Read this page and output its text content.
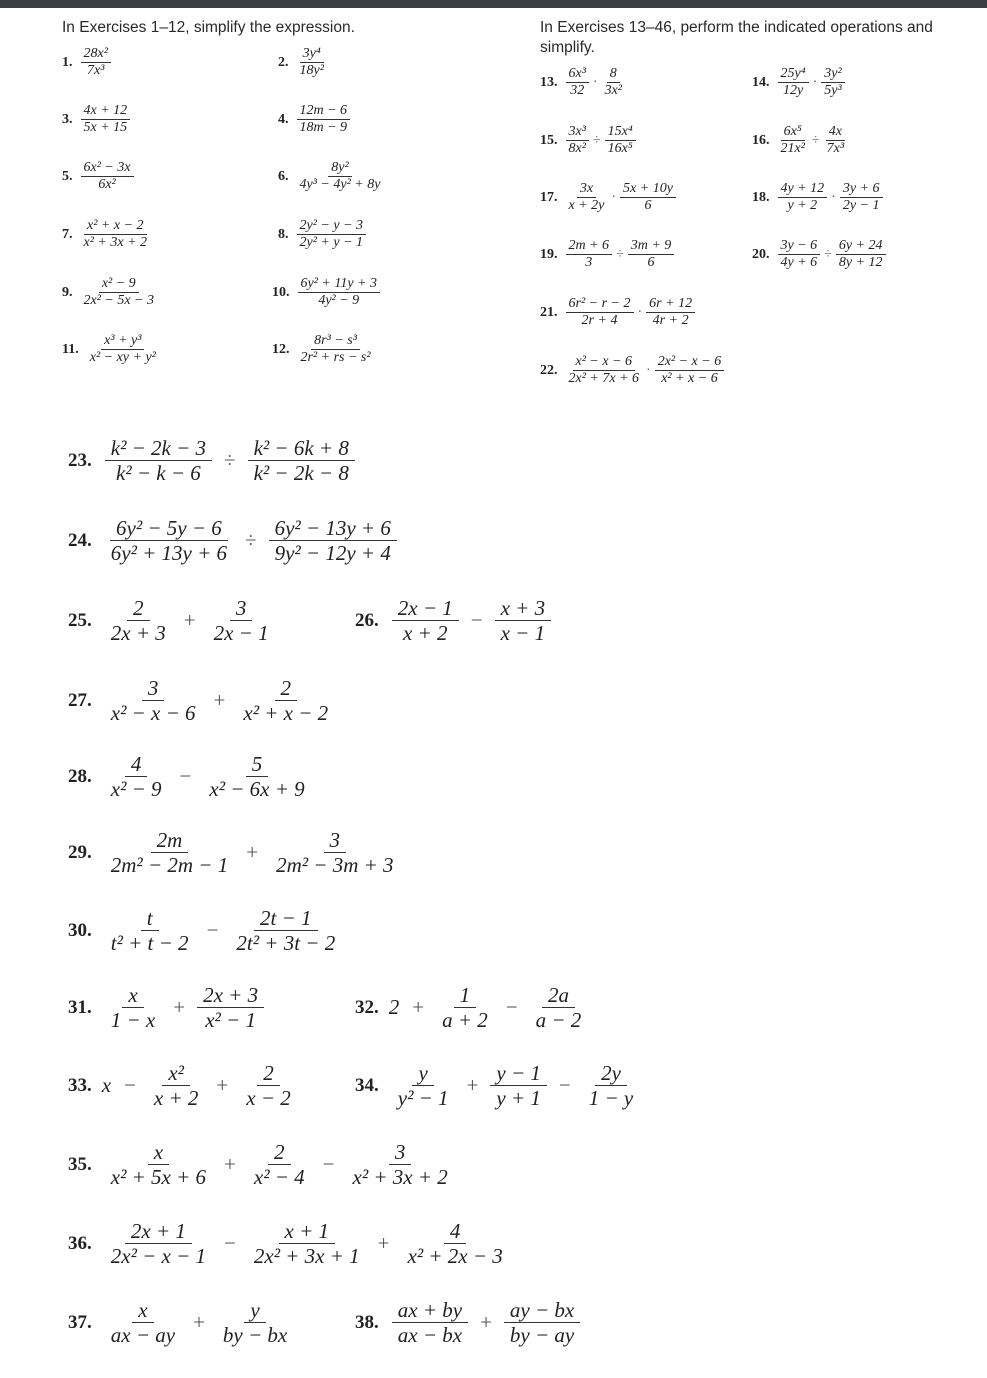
In Exercises 1–12, simplify the expression.	In Exercises 13–46, perform the indicated operations and
simplify.
1. $\frac{\text{28x²}}{\text{7x³}}$	2. $\frac{\text{3y⁴}}{\text{18y²}}$
3. $\frac{4x + 12}{5x + 15}$	4. $\frac{12m - 6}{18m - 9}$
5. $\frac{\text{6x² − 3x}}{\text{6x²}}$	6. $\frac{\text{8y²}}{\text{4y³ − 4y² + 8y}}$
7. $\frac{\text{x² + x − 2}}{\text{x² + 3x + 2}}$	8. $\frac{\text{2y² − y − 3}}{\text{2y² + y − 1}}$
9. $\frac{\text{x² − 9}}{\text{2x² − 5x − 3}}$	10. $\frac{\text{6y² + 11y + 3}}{\text{4y² − 9}}$
11. $\frac{\text{x³ + y³}}{\text{x² − xy + y²}}$	12. $\frac{\text{8r³ − s³}}{\text{2r² + rs − s²}}$
13. $\frac{\text{6x³}}{32} \cdot \frac{8}{\text{3x²}}$	14. $\frac{\text{25y⁴}}{12y} \cdot \frac{\text{3y²}}{\text{5y³}}$
15. $\frac{\text{3x³}}{\text{8x²}} \div \frac{\text{15x⁴}}{\text{16x⁵}}$	16. $\frac{\text{6x⁵}}{\text{21x²}} \div \frac{4x}{\text{7x³}}$
17. $\frac{3x}{x + 2y} \cdot \frac{5x + 10y}{6}$	18. $\frac{4y + 12}{y + 2} \cdot \frac{3y + 6}{2y - 1}$
19. $\frac{2m + 6}{3} \div \frac{3m + 9}{6}$	20. $\frac{3y - 6}{4y + 6} \div \frac{6y + 24}{8y + 12}$
21. $\frac{\text{6r² − r − 2}}{2r + 4} \cdot \frac{6r + 12}{4r + 2}$
22. $\frac{\text{x² − x − 6}}{\text{2x² + 7x + 6}} \cdot \frac{\text{2x² − x − 6}}{\text{x² + x − 6}}$
23. $\frac{\text{k² − 2k − 3}}{\text{k² − k − 6}} \div \frac{\text{k² − 6k + 8}}{\text{k² − 2k − 8}}$
24. $\frac{\text{6y² − 5y − 6}}{\text{6y² + 13y + 6}} \div \frac{\text{6y² − 13y + 6}}{\text{9y² − 12y + 4}}$
25. $\frac{2}{2x + 3} + \frac{3}{2x - 1}$	26. $\frac{2x - 1}{x + 2} - \frac{x + 3}{x - 1}$
27. $\frac{3}{\text{x² − x − 6}} + \frac{2}{\text{x² + x − 2}}$
28. $\frac{4}{\text{x² − 9}} - \frac{5}{\text{x² − 6x + 9}}$
29. $\frac{2m}{\text{2m² − 2m − 1}} + \frac{3}{\text{2m² − 3m + 3}}$
30. $\frac{t}{\text{t² + t − 2}} - \frac{2t - 1}{\text{2t² + 3t − 2}}$
31. $\frac{x}{1 - x} + \frac{2x + 3}{\text{x² − 1}}$	32. $2 + \frac{1}{a + 2} - \frac{2a}{a - 2}$
33. $x - \frac{\text{x²}}{x + 2} + \frac{2}{x - 2}$	34. $\frac{y}{\text{y² − 1}} + \frac{y - 1}{y + 1} - \frac{2y}{1 - y}$
35. $\frac{x}{\text{x² + 5x + 6}} + \frac{2}{\text{x² − 4}} - \frac{3}{\text{x² + 3x + 2}}$
36. $\frac{2x + 1}{\text{2x² − x − 1}} - \frac{x + 1}{\text{2x² + 3x + 1}} + \frac{4}{\text{x² + 2x − 3}}$
37. $\frac{x}{ax - ay} + \frac{y}{by - bx}$	38. $\frac{ax + by}{ax - bx} + \frac{ay - bx}{by - ay}$
